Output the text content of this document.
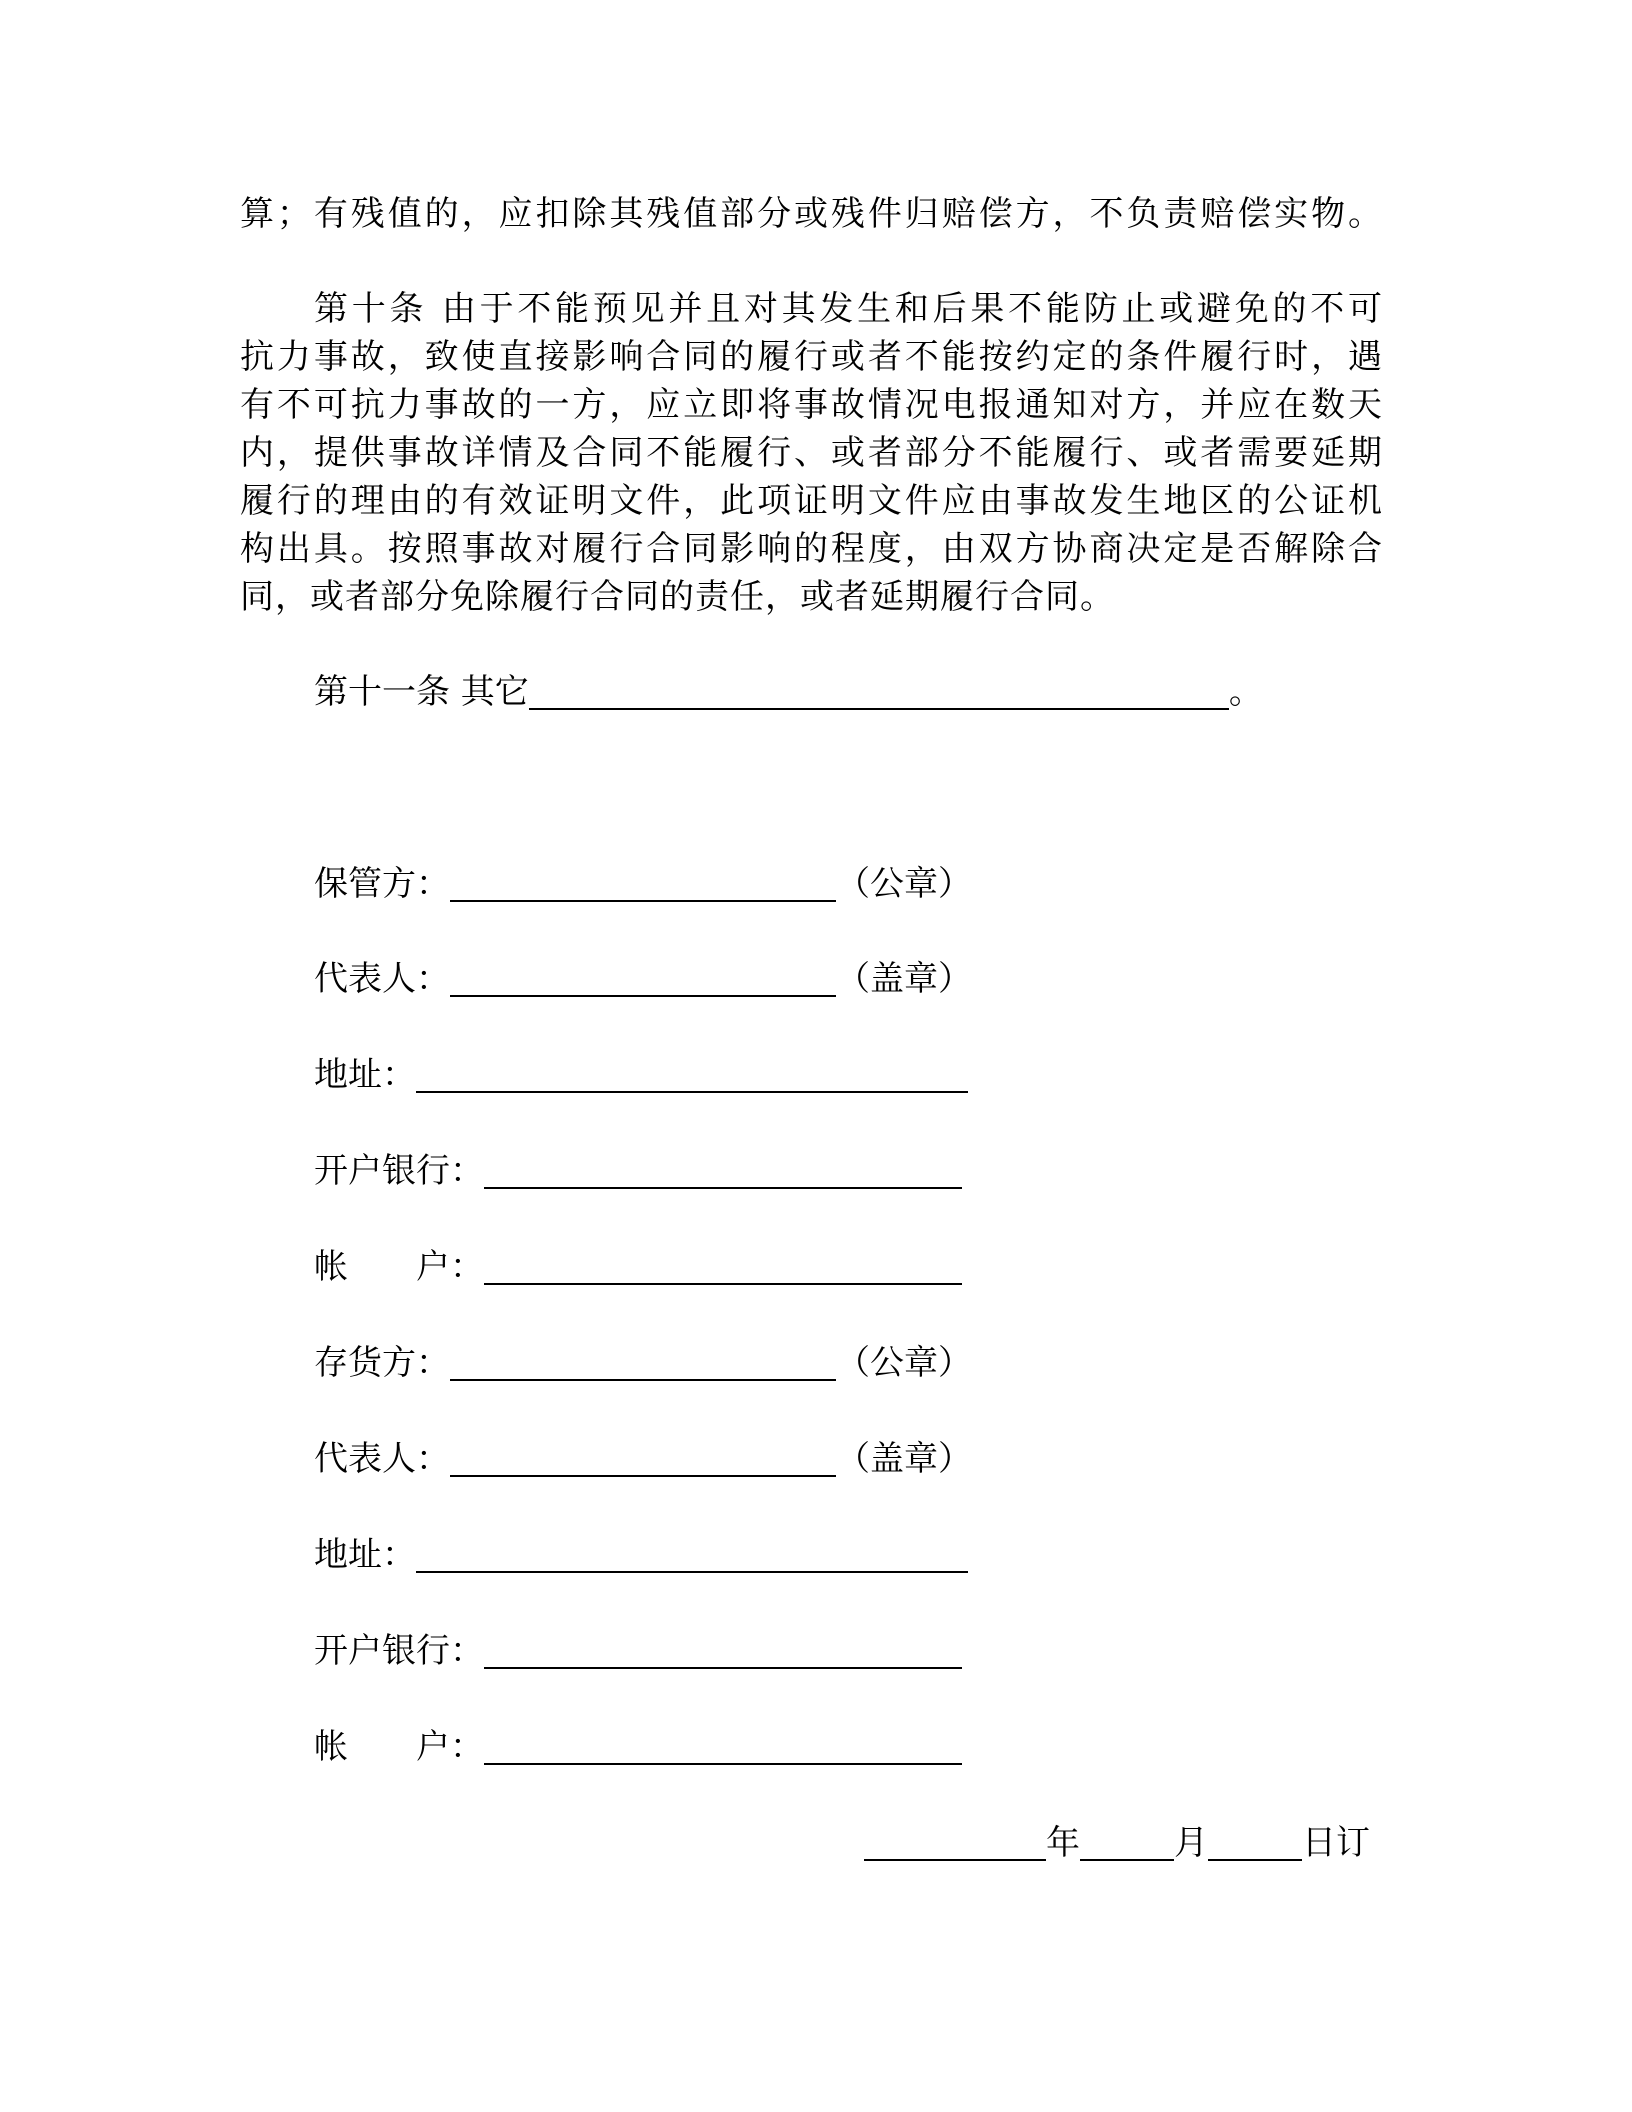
算；有残值的，应扣除其残值部分或残件归赔偿方，不负责赔偿实物。
第十条 由于不能预见并且对其发生和后果不能防止或避免的不可
抗力事故，致使直接影响合同的履行或者不能按约定的条件履行时，遇
有不可抗力事故的一方，应立即将事故情况电报通知对方，并应在数天
内，提供事故详情及合同不能履行、或者部分不能履行、或者需要延期
履行的理由的有效证明文件，此项证明文件应由事故发生地区的公证机
构出具。按照事故对履行合同影响的程度，由双方协商决定是否解除合
同，或者部分免除履行合同的责任，或者延期履行合同。
第十一条 其它	。
保管方：	（公章）
代表人：	（盖章）
地址：
开户银行：
帐　　户：
存货方：	（公章）
代表人：	（盖章）
地址：
开户银行：
帐　　户：
年	月	日订
